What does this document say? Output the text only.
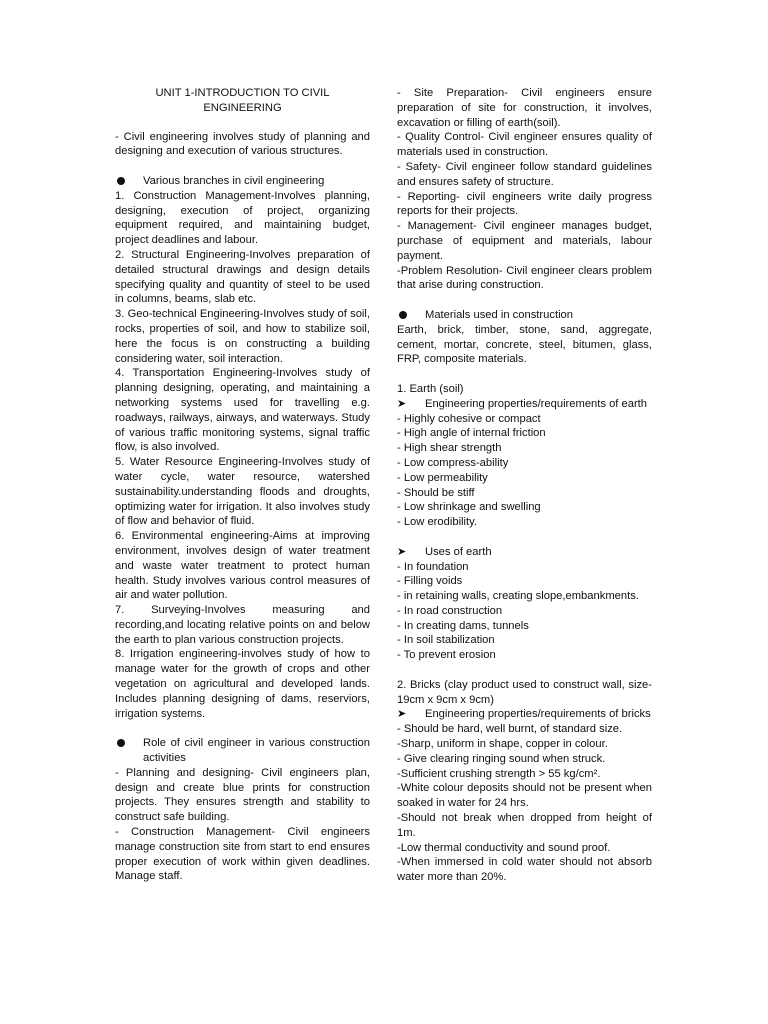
UNIT 1-INTRODUCTION TO CIVIL ENGINEERING

- Civil engineering involves study of planning and designing and execution of various structures.

Various branches in civil engineering

1. Construction Management-Involves planning, designing, execution of project, organizing equipment required, and maintaining budget, project deadlines and labour.

2. Structural Engineering-Involves preparation of detailed structural drawings and design details specifying quality and quantity of steel to be used in columns, beams, slab etc.

3. Geo-technical Engineering-Involves study of soil, rocks, properties of soil, and how to stabilize soil, here the focus is on constructing a building considering water, soil interaction.

4. Transportation Engineering-Involves study of planning designing, operating, and maintaining a networking systems used for travelling e.g. roadways, railways, airways, and waterways. Study of various traffic monitoring systems, signal traffic flow, is also involved.

5. Water Resource Engineering-Involves study of water cycle, water resource, watershed sustainability.understanding floods and droughts, optimizing water for irrigation. It also involves study of flow and behavior of fluid.

6. Environmental engineering-Aims at improving environment, involves design of water treatment and waste water treatment to protect human health. Study involves various control measures of air and water pollution.

7. Surveying-Involves measuring and recording,and locating relative points on and below the earth to plan various construction projects.

8. Irrigation engineering-involves study of how to manage water for the growth of crops and other vegetation on agricultural and developed lands. Includes planning designing of dams, reserviors, irrigation systems.

Role of civil engineer in various construction activities

- Planning and designing- Civil engineers plan, design and create blue prints for construction projects. They ensures strength and stability to construct safe building.

- Construction Management- Civil engineers manage construction site from start to end ensures proper execution of work within given deadlines. Manage staff.

- Site Preparation- Civil engineers ensure preparation of site for construction, it involves, excavation or filling of earth(soil).

- Quality Control- Civil engineer ensures quality of materials used in construction.

- Safety- Civil engineer follow standard guidelines and ensures safety of structure.

- Reporting- civil engineers write daily progress reports for their projects.

- Management- Civil engineer manages budget, purchase of equipment and materials, labour payment.

-Problem Resolution- Civil engineer clears problem that arise during construction.

Materials used in construction

Earth, brick, timber, stone, sand, aggregate, cement, mortar, concrete, steel, bitumen, glass, FRP, composite materials.

1. Earth (soil)

➤ Engineering properties/requirements of earth

- Highly cohesive or compact

- High angle of internal friction

- High shear strength

- Low compress-ability

- Low permeability

- Should be stiff

- Low shrinkage and swelling

- Low erodibility.

➤ Uses of earth

- In foundation

- Filling voids

- in retaining walls, creating slope,embankments.

- In road construction

- In creating dams, tunnels

- In soil stabilization

- To prevent erosion

2. Bricks (clay product used to construct wall, size-19cm x 9cm x 9cm)

➤ Engineering properties/requirements of bricks

- Should be hard, well burnt, of standard size.

-Sharp, uniform in shape, copper in colour.

- Give clearing ringing sound when struck.

-Sufficient crushing strength > 55 kg/cm².

-White colour deposits should not be present when soaked in water for 24 hrs.

-Should not break when dropped from height of 1m.

-Low thermal conductivity and sound proof.

-When immersed in cold water should not absorb water more than 20%.
